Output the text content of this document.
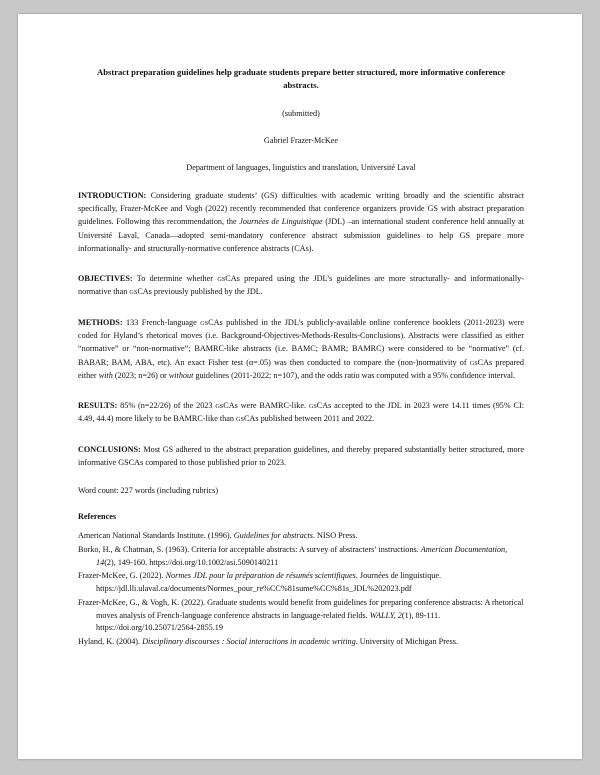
Abstract preparation guidelines help graduate students prepare better structured, more informative conference abstracts.
(submitted)
Gabriel Frazer-McKee
Department of languages, linguistics and translation, Université Laval

INTRODUCTION: Considering graduate students’ (GS) difficulties with academic writing broadly and the scientific abstract specifically, Frazer-McKee and Vogh (2022) recently recommended that conference organizers provide GS with abstract preparation guidelines. Following this recommendation, the Journées de Linguistique (JDL) –an international student conference held annually at Université Laval, Canada—adopted semi-mandatory conference abstract submission guidelines to help GS prepare more informationally- and structurally-normative conference abstracts (CAs).

OBJECTIVES: To determine whether GSCAs prepared using the JDL’s guidelines are more structurally- and informationally-normative than GSCAs previously published by the JDL.

METHODS: 133 French-language GSCAs published in the JDL’s publicly-available online conference booklets (2011-2023) were coded for Hyland’s rhetorical moves (i.e. Background-Objectives-Methods-Results-Conclusions). Abstracts were classified as either “normative” or “non-normative”; BAMRC-like abstracts (i.e. BAMC; BAMR; BAMRC) were considered to be “normative” (cf. BABAR; BAM, ABA, etc). An exact Fisher test (α=.05) was then conducted to compare the (non-)normativity of GSCAs prepared either with (2023; n=26) or without guidelines (2011-2022; n=107), and the odds ratio was computed with a 95% confidence interval.

RESULTS: 85% (n=22/26) of the 2023 GSCAs were BAMRC-like. GSCAs accepted to the JDL in 2023 were 14.11 times (95% CI: 4.49, 44.4) more likely to be BAMRC-like than GSCAs published between 2011 and 2022.

CONCLUSIONS: Most GS adhered to the abstract preparation guidelines, and thereby prepared substantially better structured, more informative GSCAs compared to those published prior to 2023.

Word count: 227 words (including rubrics)
References
American National Standards Institute. (1996). Guidelines for abstracts. NISO Press.
Borko, H., & Chatman, S. (1963). Criteria for acceptable abstracts: A survey of abstracters’ instructions. American Documentation, 14(2), 149-160. https://doi.org/10.1002/asi.5090140211
Frazer-McKee, G. (2022). Normes JDL pour la préparation de résumés scientifiques. Journées de linguistique. https://jdl.lli.ulaval.ca/documents/Normes_pour_re%CC%81sume%CC%81s_JDL%202023.pdf
Frazer-McKee, G., & Vogh, K. (2022). Graduate students would benefit from guidelines for preparing conference abstracts: A rhetorical moves analysis of French-language conference abstracts in language-related fields. WALLY, 2(1), 89-111. https://doi.org/10.25071/2564-2855.19
Hyland, K. (2004). Disciplinary discourses : Social interactions in academic writing. University of Michigan Press.
